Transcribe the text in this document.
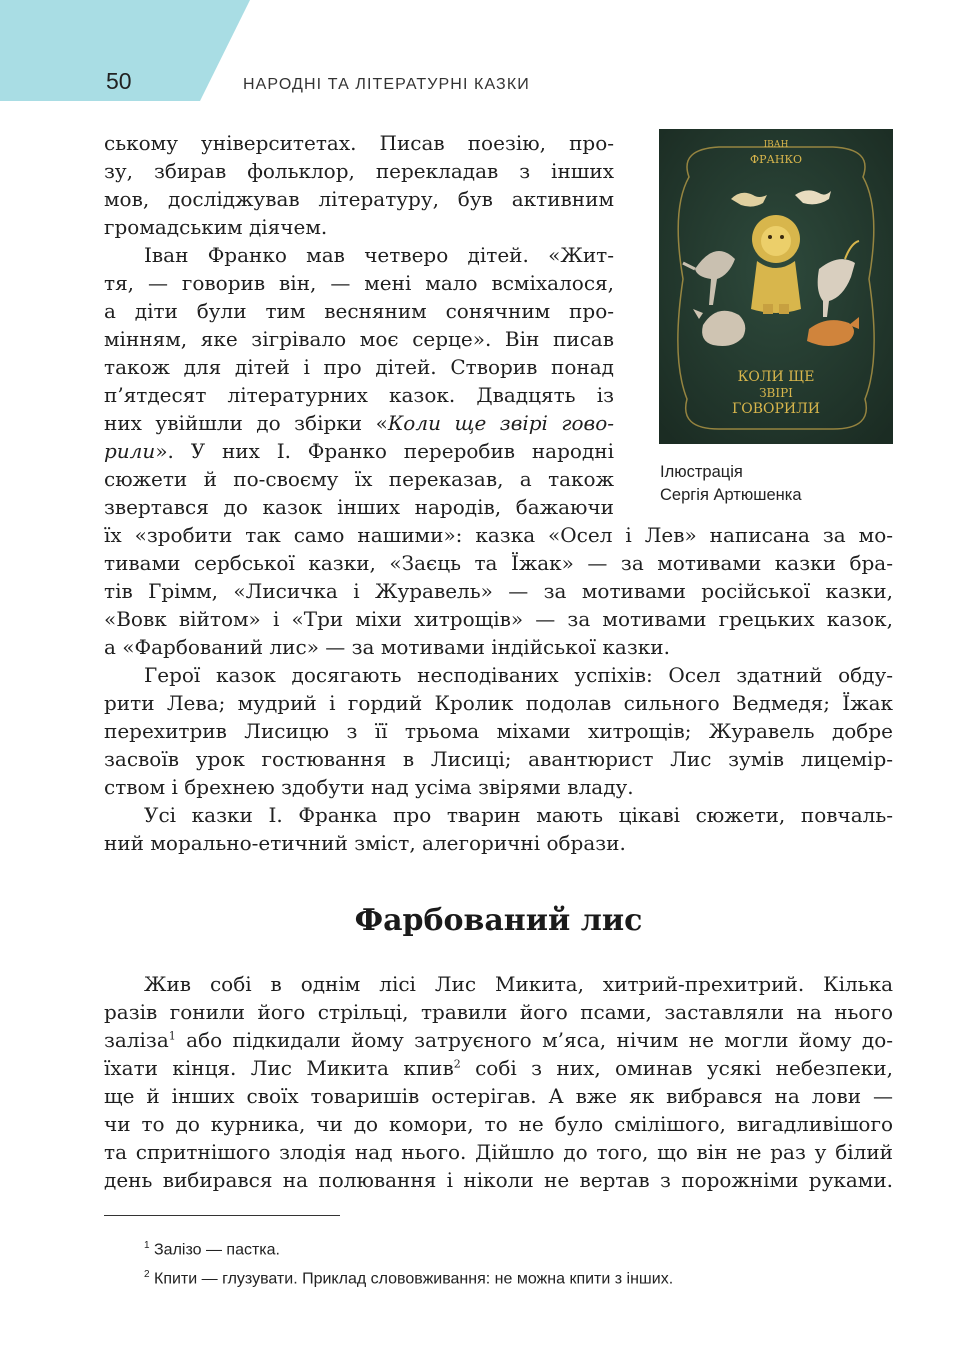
50	НАРОДНІ ТА ЛІТЕРАТУРНІ КАЗКИ
ському університетах. Писав поезію, про-
зу, збирав фольклор, перекладав з інших
мов, досліджував літературу, був активним
громадським діячем.
Іван Франко мав четверо дітей. «Жит-
тя, — говорив він, — мені мало всміхалося,
а діти були тим весняним сонячним про-
мінням, яке зігрівало моє серце». Він писав
також для дітей і про дітей. Створив понад
п’ятдесят літературних казок. Двадцять із
них увійшли до збірки «Коли ще звірі гово-
рили». У них І. Франко переробив народні
сюжети й по-своєму їх переказав, а також
звертався до казок інших народів, бажаючи
їх «зробити так само нашими»: казка «Осел і Лев» написана за мо-
тивами сербської казки, «Заєць та Їжак» — за мотивами казки бра-
тів Грімм, «Лисичка і Журавель» — за мотивами російської казки,
«Вовк війтом» і «Три міхи хитрощів» — за мотивами грецьких казок,
а «Фарбований лис» — за мотивами індійської казки.
Герої казок досягають несподіваних успіхів: Осел здатний обду-
рити Лева; мудрий і гордий Кролик подолав сильного Ведмедя; Їжак
перехитрив Лисицю з її трьома міхами хитрощів; Журавель добре
засвоїв урок гостювання в Лисиці; авантюрист Лис зумів лицемір-
ством і брехнею здобути над усіма звірями владу.
Усі казки І. Франка про тварин мають цікаві сюжети, повчаль-
ний морально-етичний зміст, алегоричні образи.
ІВАН
ФРАНКО
КОЛИ ЩЕ
ЗВІРІ
ГОВОРИЛИ
Ілюстрація
Сергія Артюшенка
Фарбований лис
Жив собі в однім лісі Лис Микита, хитрий-прехитрий. Кілька
разів гонили його стрільці, травили його псами, заставляли на нього
заліза$^1$ або підкидали йому затруєного м’яса, нічим не могли йому до-
їхати кінця. Лис Микита кпив$^2$ собі з них, оминав усякі небезпеки,
ще й інших своїх товаришів остерігав. А вже як вибрався на лови —
чи то до курника, чи до комори, то не було смілішого, вигадливішого
та спритнішого злодія над нього. Дійшло до того, що він не раз у білий
день вибирався на полювання і ніколи не вертав з порожніми руками.
$^1$ Залізо — пастка.
$^2$ Кпити — глузувати. Приклад слововживання: не можна кпити з інших.
